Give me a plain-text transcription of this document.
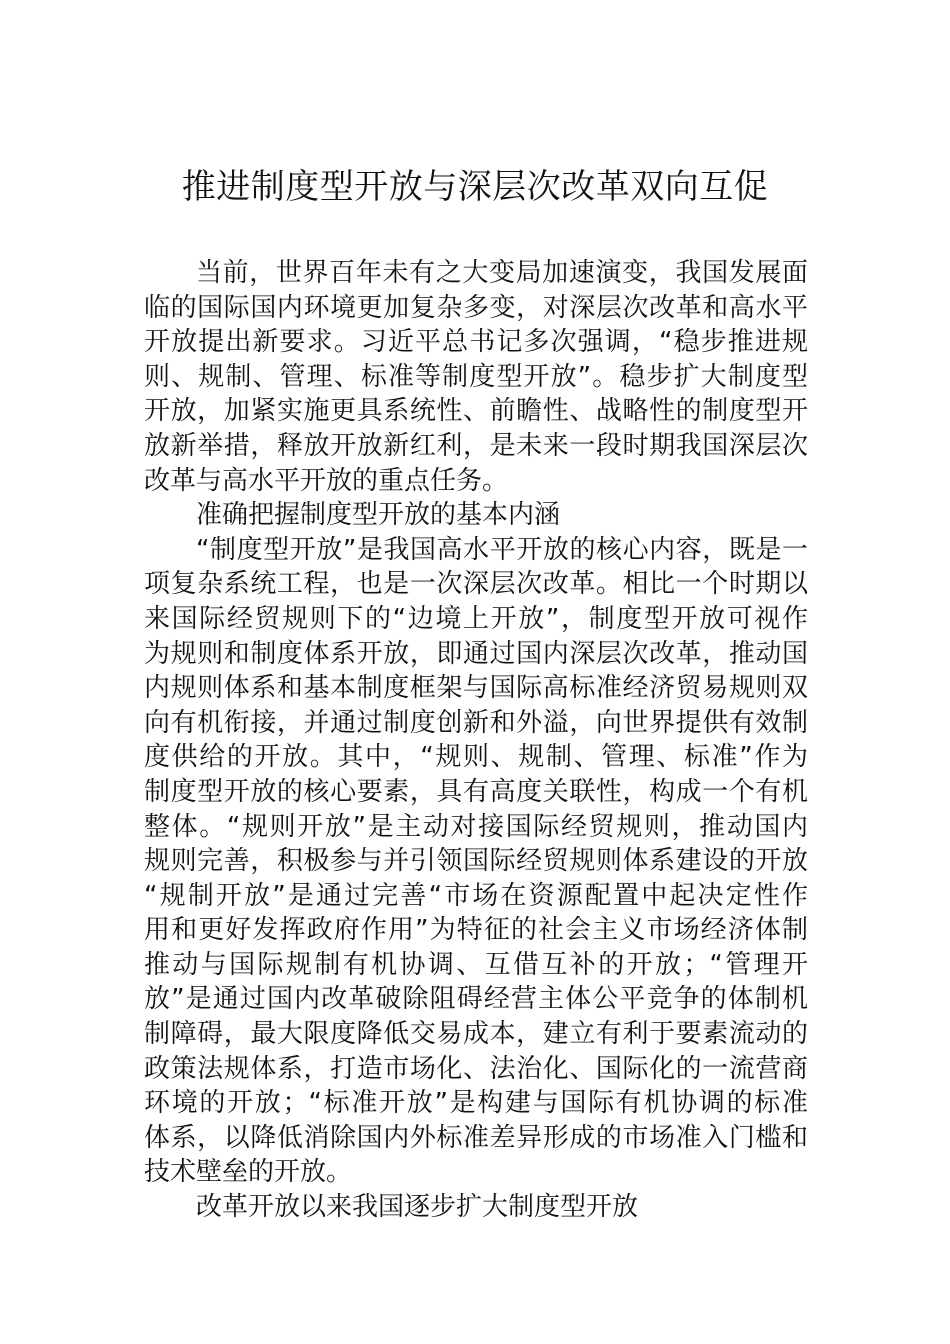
推进制度型开放与深层次改革双向互促
当前，世界百年未有之大变局加速演变，我国发展面
临的国际国内环境更加复杂多变，对深层次改革和高水平
开放提出新要求。习近平总书记多次强调，“稳步推进规
则、规制、管理、标准等制度型开放”。稳步扩大制度型
开放，加紧实施更具系统性、前瞻性、战略性的制度型开
放新举措，释放开放新红利，是未来一段时期我国深层次
改革与高水平开放的重点任务。
准确把握制度型开放的基本内涵
“制度型开放”是我国高水平开放的核心内容，既是一
项复杂系统工程，也是一次深层次改革。相比一个时期以
来国际经贸规则下的“边境上开放”，制度型开放可视作
为规则和制度体系开放，即通过国内深层次改革，推动国
内规则体系和基本制度框架与国际高标准经济贸易规则双
向有机衔接，并通过制度创新和外溢，向世界提供有效制
度供给的开放。其中，“规则、规制、管理、标准”作为
制度型开放的核心要素，具有高度关联性，构成一个有机
整体。“规则开放”是主动对接国际经贸规则，推动国内
规则完善，积极参与并引领国际经贸规则体系建设的开放
“规制开放”是通过完善“市场在资源配置中起决定性作
用和更好发挥政府作用”为特征的社会主义市场经济体制
推动与国际规制有机协调、互借互补的开放；“管理开
放”是通过国内改革破除阻碍经营主体公平竞争的体制机
制障碍，最大限度降低交易成本，建立有利于要素流动的
政策法规体系，打造市场化、法治化、国际化的一流营商
环境的开放；“标准开放”是构建与国际有机协调的标准
体系，以降低消除国内外标准差异形成的市场准入门槛和
技术壁垒的开放。
改革开放以来我国逐步扩大制度型开放
